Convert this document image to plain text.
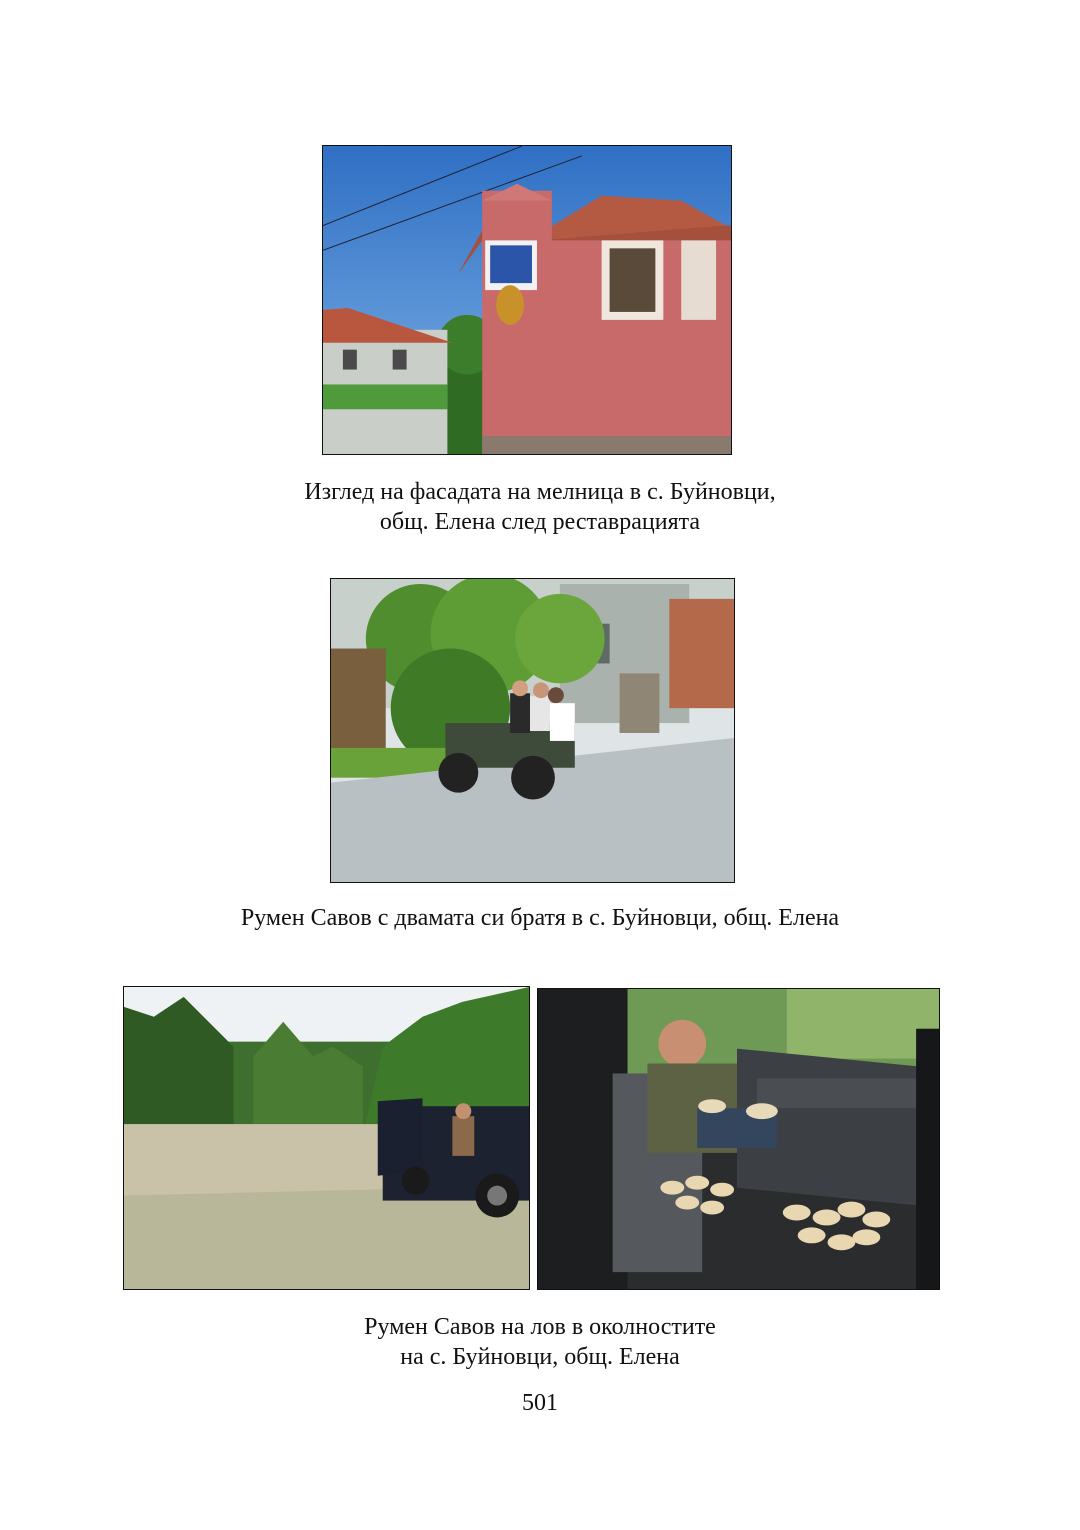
Изглед на фасадата на мелница в с. Буйновци,
общ. Елена след реставрацията
Румен Савов с двамата си братя в с. Буйновци, общ. Елена
Румен Савов на лов в околностите
на с. Буйновци, общ. Елена
501
